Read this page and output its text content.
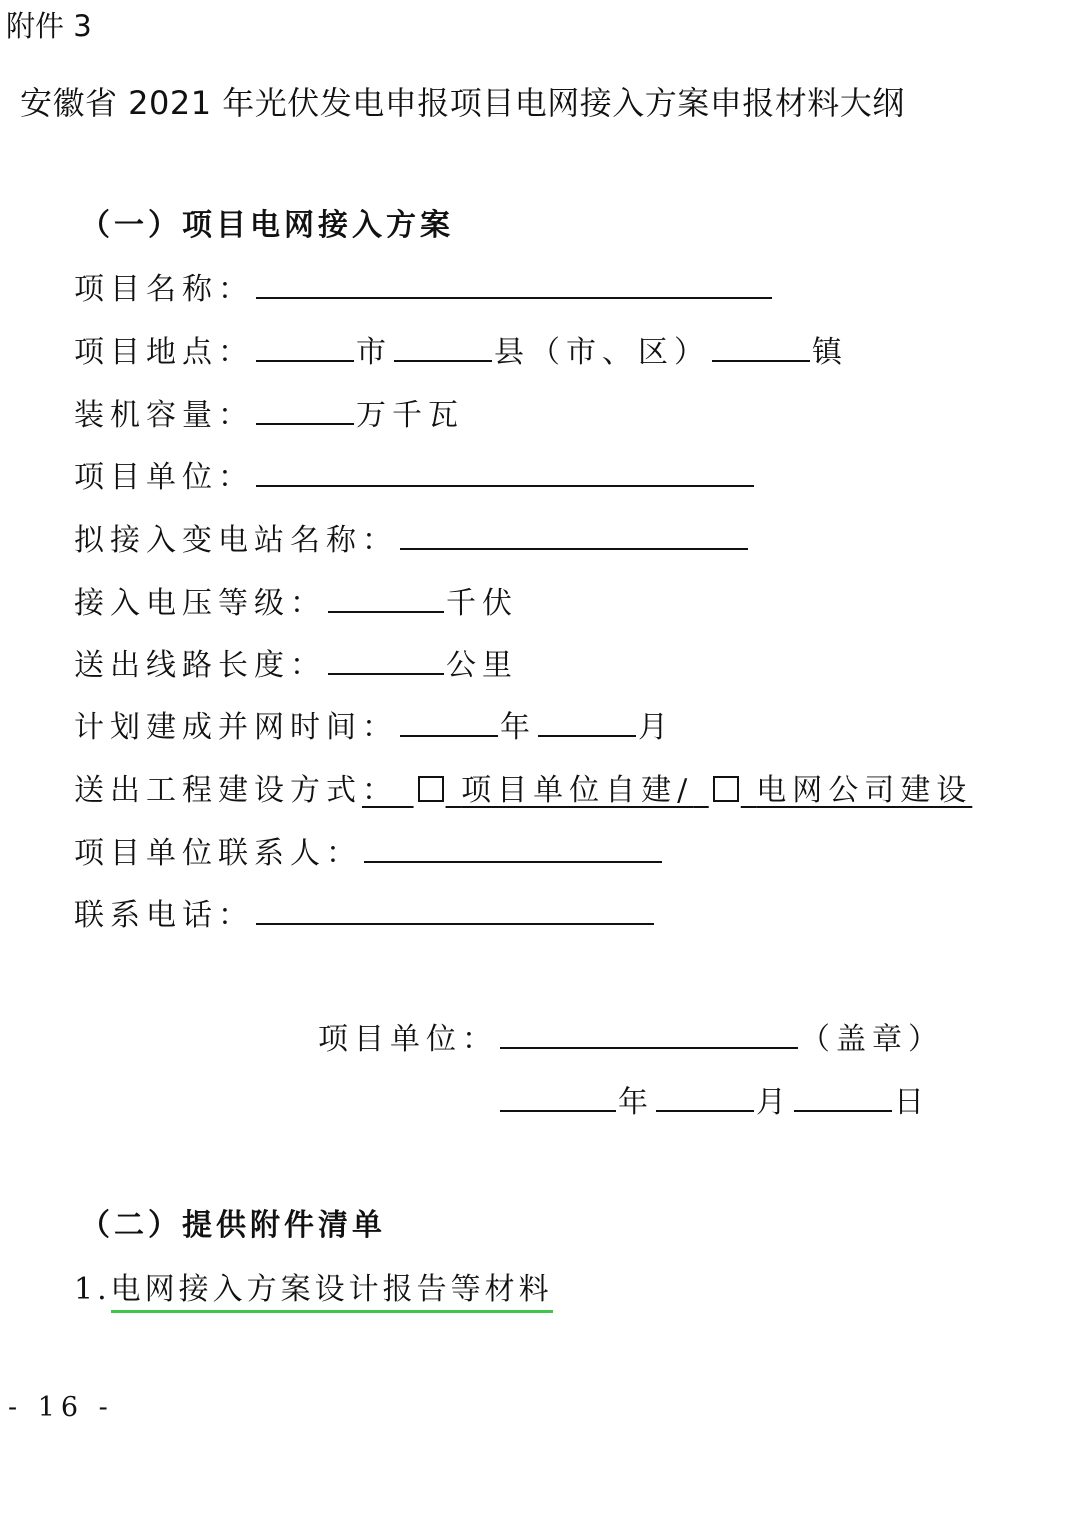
附件 3
安徽省 2021 年光伏发电申报项目电网接入方案申报材料大纲
（一）项目电网接入方案
项目名称：
项目地点：	市	县（市、区）	镇
装机容量：	万千瓦
项目单位：
拟接入变电站名称：
接入电压等级：	千伏
送出线路长度：	公里
计划建成并网时间：	年	月
送出工程建设方式 ： 项目单位自建/ 电网公司建设
项目单位联系人：
联系电话：
项目单位：	（盖章）
年	月	日
（二）提供附件清单
1. 电网接入方案设计报告等材料
- 16 -
